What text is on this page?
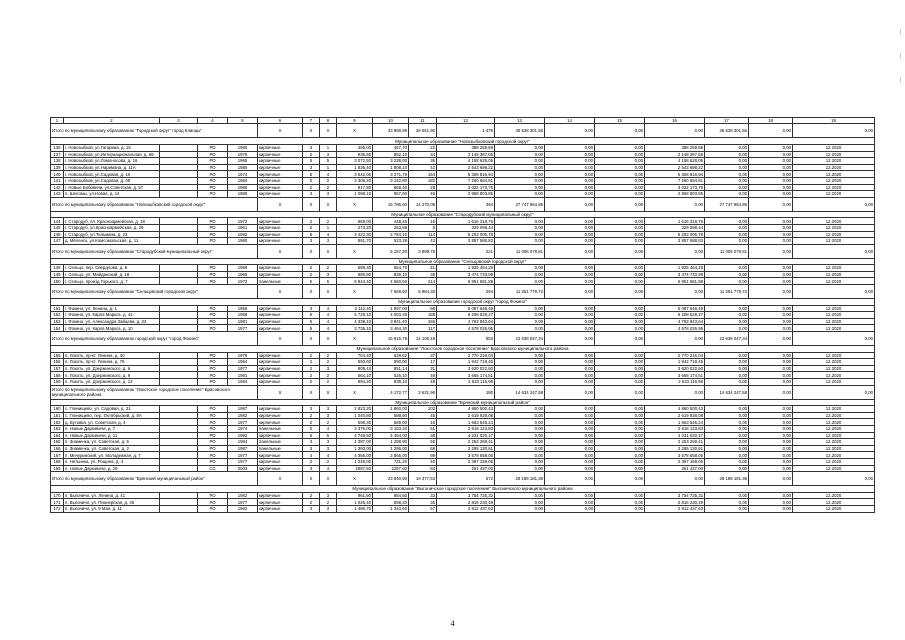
1	2	3	4	5	6	7	8	9	10	11	12	13	14	15	16	17	18	19
Итого по муниципальному образованию "Городской округ" город Клинцы"					X	X	X	X	33 969,89	28 561,90	1 475	36 538 301,56	0,00	0,00	0,00	36 538 301,56	0,00	0,00
Муниципальное образование "Новозыбковский городской округ"																		
136	г. Новозыбков, ул.Гагарина, д. 16		РО	1980	кирпичные	3	1	495,00	457,70	22	388 259,69	0,00	0,00	0,00	388 259,69	0,00	0,00	12.2020
137	г. Новозыбков, ул.Интернациональная, д. 68		РО	1976	кирпичные	2	3	935,50	852,10	34	2 148 367,65	0,00	0,00	0,00	2 148 367,65	0,00	0,00	12.2020
138	г. Новозыбков, ул.Ломоносова, д. 16		РО	1965	кирпичные	5	5	3 072,50	3 238,00	36	4 158 626,05	0,00	0,00	0,00	4 158 626,05	0,00	0,00	12.2020
139	г. Новозыбков, ул.Наримана, д. 11А		РО	1985	кирпичные	3	1	1 836,40	1 908,10	42	2 543 698,22	0,00	0,00	0,00	2 543 698,22	0,00	0,00	12.2020
140	г. Новозыбков, ул.Садовая, д. 10		РО	1974	кирпичные	5	4	3 542,00	3 271,76	154	5 308 816,94	0,00	0,00	0,00	5 308 816,94	0,00	0,00	12.2020
141	г. Новозыбков, ул.Садовая, д. 48		РО	1984	кирпичные	5	2	3 306,20	3 142,80	182	7 260 684,81	0,00	0,00	0,00	7 260 684,81	0,00	0,00	12.2020
142	г. Новые Бобовичи, ул.Советская, д. 57		РО	1980	кирпичные	2	2	917,80	869,40	28	3 022 173,75	0,00	0,00	0,00	3 022 173,75	0,00	0,00	12.2020
143	п. Шеломы, ул.Новая, д. 14		РО	1980	кирпичные	3	3	1 098,10	957,60	46	2 868 803,85	0,00	0,00	0,00	2 868 803,85	0,00	0,00	12.2020
Итого по муниципальному образованию "Новозыбковский городской округ"					X	X	X	X	15 786,60	14 270,08	394	27 747 864,86	0,00	0,00	0,00	27 747 864,86	0,00	0,00
Муниципальное образование "Стародубский муниципальный округ"																		
144	г. Стародуб, пл. Красноармейская, д. 18		РО	1972	кирпичные	2	2	569,00	448,45	16	1 616 318,76	0,00	0,00	0,00	1 616 318,76	0,00	0,00	12.2020
145	г. Стародуб, ул.Красноармейская, д. 26		РО	1961	кирпичные	2	1	273,20	253,89	8	329 098,44	0,00	0,00	0,00	329 098,44	0,00	0,00	12.2020
146	г. Стародуб, ул.Тельмана, д. 23		РО	1982	кирпичные	5	4	3 422,30	2 784,10	114	5 203 005,78	0,00	0,00	0,00	5 203 005,78	0,00	0,00	12.2020
147	д. Меленск, ул.Комсомольская, д. 11		РО	1980	кирпичные	3	3	891,70	523,28	43	3 857 588,83	0,00	0,00	0,00	3 857 588,83	0,00	0,00	12.2020
Итого по муниципальному образованию "Стародубский муниципальный округ"					X	X	X	X	5 157,20	3 999,75	221	11 006 078,81	0,00	0,00	0,00	11 006 078,81	0,00	0,00
Муниципальное образование "Сельцовский городской округ"																		
148	г. Сельцо, пер. Свердлова, д. 8		РО	1959	кирпичные	2	2	589,30	554,70	41	1 925 464,25	0,00	0,00	0,00	1 925 464,25	0,00	0,00	12.2020
149	г. Сельцо, ул. Майданский, д. 18		РО	1965	кирпичные	2	3	885,90	839,10	39	3 474 733,99	0,00	0,00	0,00	3 474 733,99	0,00	0,00	12.2020
150	г. Сельцо, проезд Горького, д. 7		РО	1973	панельные	5	5	5 844,40	4 560,50	214	5 851 581,88	0,00	0,00	0,00	5 851 581,88	0,00	0,00	12.2020
Итого по муниципальному образованию "Сельцовский городской округ"					X	X	X	X	7 569,50	5 984,30	294	11 251 779,72	0,00	0,00	0,00	11 251 779,72	0,00	0,00
Муниципальное образование городской округ "город Фокино"																		
151	г. Фокино, ул. Ленина, д. 1		РО	1956	кирпичные	3	4	2 112,40	1 897,00	66	5 087 646,49	0,00	0,00	0,00	5 087 646,49	0,00	0,00	12.2020
152	г. Фокино, ул. Карла Маркса, д. 41		РО	1958	кирпичные	5	4	5 728,10	4 003,48	188	6 208 528,27	0,00	0,00	0,00	6 208 528,27	0,00	0,00	12.2020
153	г. Фокино, ул. Александра Зайцева, д. 23		РО	1981	кирпичные	5	4	4 339,10	3 841,40	166	4 763 843,64	0,00	0,00	0,00	4 763 843,64	0,00	0,00	12.2020
154	г. Фокино, ул. Карла Маркса, д. 10		РО	1977	кирпичные	5	4	3 735,10	3 464,30	117	4 578 026,95	0,00	0,00	0,00	4 578 026,95	0,00	0,00	12.2020
Итого по муниципальному образованию городской округ "город Фокино"					X	X	X	X	15 915,78	14 106,18	553	22 638 047,34	0,00	0,00	0,00	22 638 047,34	0,00	0,00
Муниципальное образование "Локотское городское поселение" Брасовского муниципального района																		
155	п. Локоть, пр-кт. Ленина, д. 40		РО	1979	кирпичные	2	2	704,40	629,62	37	2 770 216,04	0,00	0,00	0,00	2 770 216,04	0,00	0,00	12.2020
156	п. Локоть, пр-кт. Ленина, д. 76		РО	1964	кирпичные	2	2	593,60	550,00	17	1 942 718,45	0,00	0,00	0,00	1 942 718,45	0,00	0,00	12.2020
157	п. Локоть, ул. Дзержинского, д. 6		РО	1977	кирпичные	2	3	909,44	851,14	31	3 620 022,60	0,00	0,00	0,00	3 620 022,60	0,00	0,00	12.2020
158	п. Локоть, ул. Дзержинского, д. 9		РО	1981	кирпичные	2	2	564,10	526,10	46	3 668 174,51	0,00	0,00	0,00	3 668 174,51	0,00	0,00	12.2020
159	п. Локоть, ул. Дзержинского, д. 13		РО	1984	кирпичные	2	2	894,20	839,10	49	2 633 116,98	0,00	0,00	0,00	2 633 116,98	0,00	0,00	12.2020
Итого по муниципальному образованию "Локотское городское поселение" Брасовского муниципального района					X	X	X	X	4 172,77	3 631,96	180	14 634 247,58	0,00	0,00	0,00	14 634 247,58	0,00	0,00
Муниципальное образование "Брянский муниципальный район"																		
160	с. Глинищево, ул. Садовая, д. 31		РО	1987	кирпичные	3	3	2 823,20	1 860,00	102	4 860 500,43	0,00	0,00	0,00	4 860 500,43	0,00	0,00	12.2020
161	с. Глинищево, пер. Октябрьский, д. 8А		РО	1982	кирпичные	2	3	1 040,80	588,90	45	2 619 928,08	0,00	0,00	0,00	2 619 928,08	0,00	0,00	12.2020
162	д. Бутовка, ул. Советская, д. 4		РО	1977	кирпичные	2	2	595,30	589,00	16	1 663 545,24	0,00	0,00	0,00	1 663 545,24	0,00	0,00	12.2020
163	п. Новые Дарковичи, д. 7		РО	1974	панельные	5	4	3 375,00	3 153,20	51	2 918 123,83	0,00	0,00	0,00	2 918 123,83	0,00	0,00	12.2020
164	п. Новые Дарковичи, д. 11		РО	1982	кирпичные	5	5	4 749,50	4 454,00	38	4 231 020,17	0,00	0,00	0,00	4 231 020,17	0,00	0,00	12.2020
165	п. Знаменка, ул. Советская, д. 5		РО	1984	панельные	3	3	1 387,00	1 288,90	55	2 253 269,41	0,00	0,00	0,00	2 253 269,41	0,00	0,00	12.2020
166	п. Знаменка, ул. Советская, д. 2		РО	1987	панельные	3	3	1 393,00	1 286,00	68	2 295 130,61	0,00	0,00	0,00	2 295 130,61	0,00	0,00	12.2020
167	п. Мичуринский, ул. Молодежная, д. 7		РО	1977	кирпичные	4	4	4 356,00	2 865,00	99	3 578 658,05	0,00	0,00	0,00	3 578 658,05	0,00	0,00	12.2020
168	п. Нетьинка, ул. Рощина, д. 4		РО	1977	кирпичные	2	2	1 246,00	721,20	40	2 397 159,05	0,00	0,00	0,00	2 397 159,05	0,00	0,00	12.2020
169	п. Новые Дарковичи, д. 19		СС	2003	кирпичные	3	4	2687,50	2287,60	84	251 437,00	0,00	0,00	0,00	251 437,00	0,00	0,00	12.2020
Итого по муниципальному образованию "Брянский муниципальный район"					X	X	X	X	23 840,90	19 377,63	572	28 188 181,36	0,00	0,00	0,00	28 188 181,36	0,00	0,00
Муниципальное образование "Выгоничское городское поселение" Выгоничского муниципального района																		
170	п. Выгоничи, ул. Ленина, д. 41		РО	1982	кирпичные	2	3	961,90	884,50	33	3 754 725,32	0,00	0,00	0,00	3 754 725,32	0,00	0,00	12.2020
171	п. Выгоничи, ул. Пионерская, д. 45		РО	1977	кирпичные	2	2	1 026,40	898,20	35	2 816 230,49	0,00	0,00	0,00	2 816 230,49	0,00	0,00	12.2020
172	п. Выгоничи, ул. 9 Мая, д. 11		РО	1982	кирпичные	3	3	1 486,70	1 343,60	57	2 812 437,63	0,00	0,00	0,00	2 812 437,63	0,00	0,00	12.2020
4
|
|
|
